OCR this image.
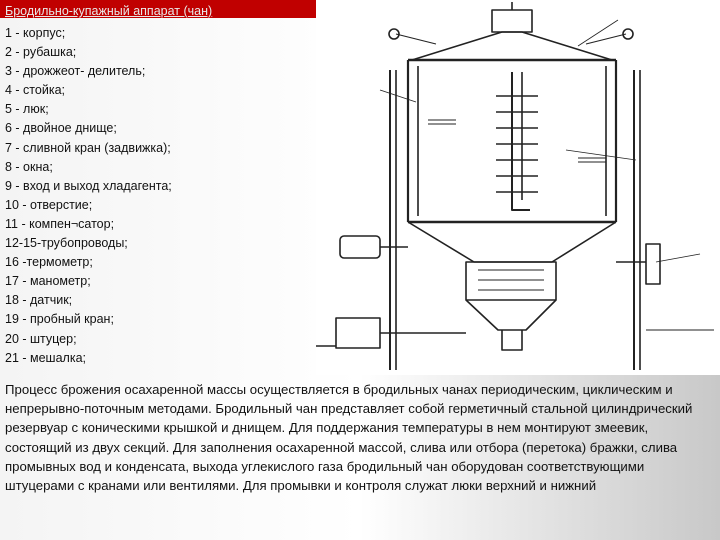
Бродильно-купажный аппарат (чан)
1 - корпус;
2 - рубашка;
3 - дрожжеот- делитель;
4 - стойка;
5 - люк;
6 - двойное днище;
7 - сливной кран (задвижка);
8 - окна;
9 - вход и выход хладагента;
10 - отверстие;
11 - компен¬сатор;
12-15-трубопроводы;
16 -термометр;
17 - манометр;
18 - датчик;
19 - пробный кран;
20 - штуцер;
21 - мешалка;

Процесс брожения осахаренной массы осуществляется в бродильных чанах периодическим, циклическим и непрерывно-поточным методами. Бродильный чан представляет собой герметичный стальной цилиндрический резервуар с коническими крышкой и днищем. Для поддержания температуры в нем монтируют змеевик, состоящий из двух секций. Для заполнения осахаренной массой, слива или отбора (перетока) бражки, слива промывных вод и конденсата, выхода углекислого газа бродильный чан оборудован соответствующими штуцерами с кранами или вентилями. Для промывки и контроля служат люки верхний и нижний
